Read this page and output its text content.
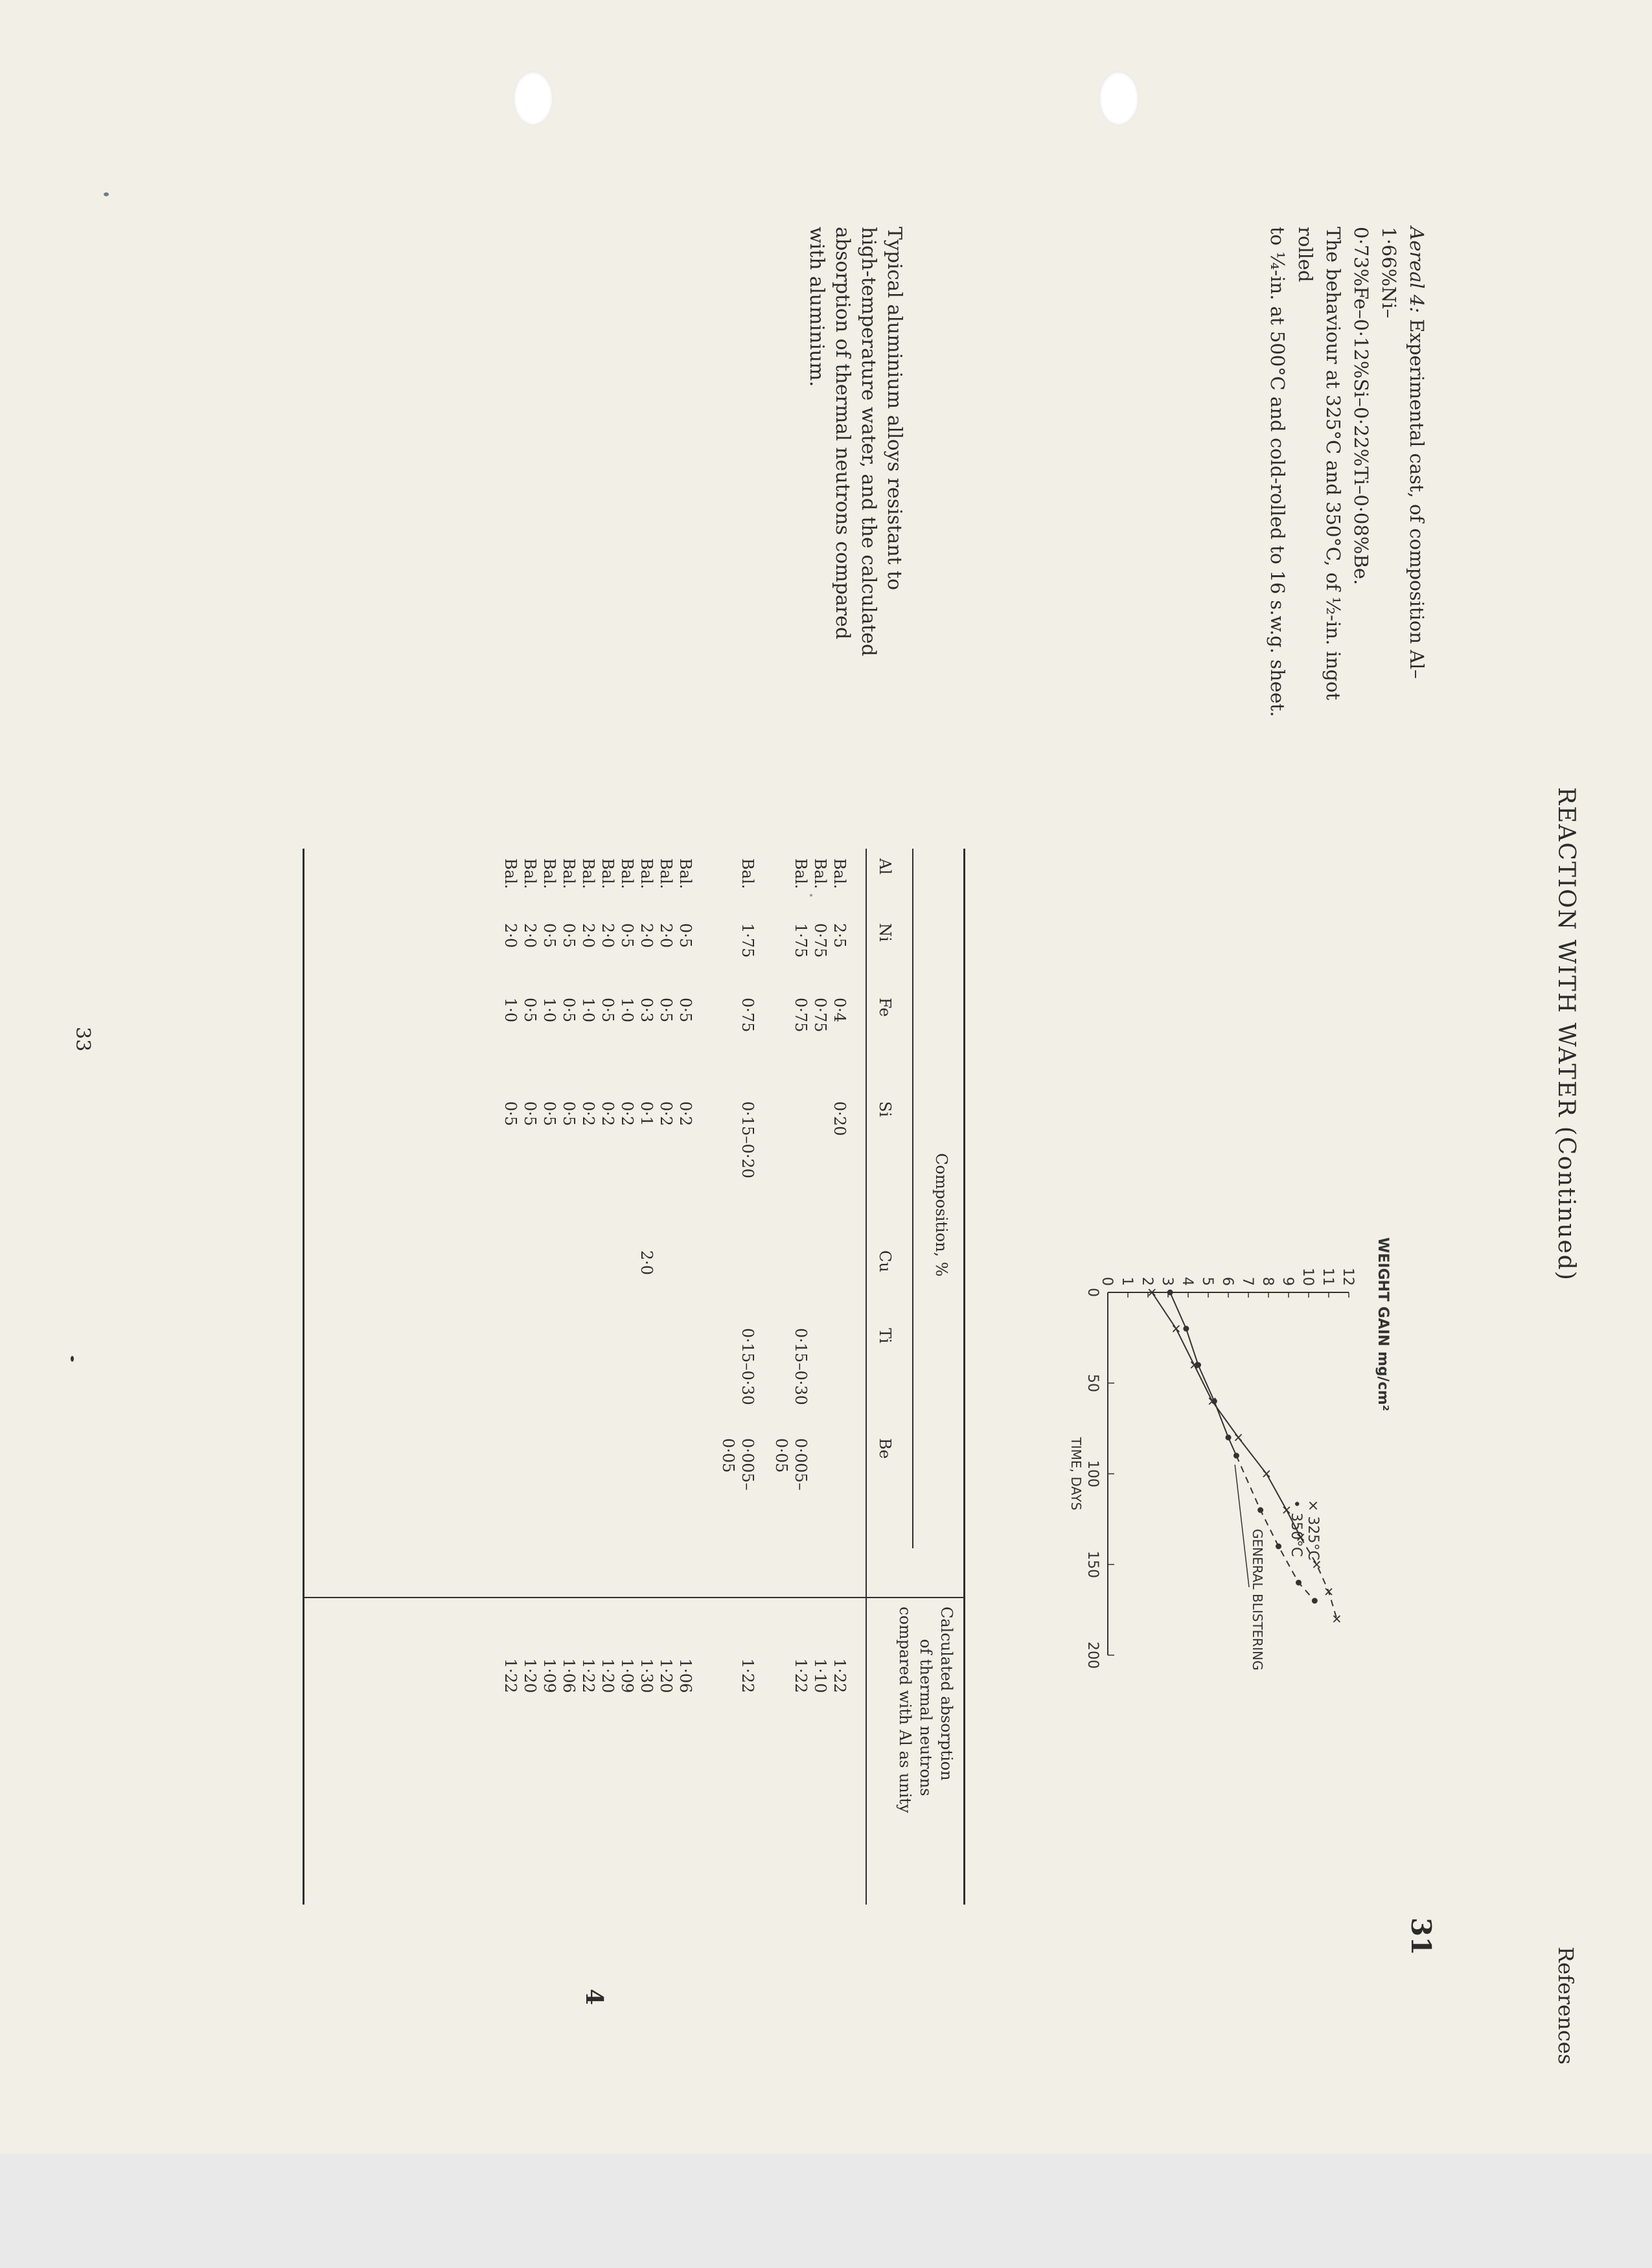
REACTION WITH WATER (Continued)
References
31
Aereal 4: Experimental cast, of composition Al–1·66%Ni–
0·73%Fe–0·12%Si–0·22%Ti–0·08%Be.
The behaviour at 325°C and 350°C, of ½-in. ingot rolled
to ¼-in. at 500°C and cold-rolled to 16 s.w.g. sheet.
0 1 2 3 4 5 6 7 8 9 10 11 12
0
50
100
150
200
WEIGHT GAIN mg/cm²
TIME, DAYS
× 325°C
• 350°C
GENERAL BLISTERING
Typical aluminium alloys resistant to
high-temperature water, and the calculated
absorption of thermal neutrons compared
with aluminium.
Composition, %
Calculated absorption
of thermal neutrons
compared with Al as unity
Al
Ni
Fe
Si
Cu
Ti
Be
Bal.
2·5
0·4
0·20
1·22
Bal.
0·75
0·75
1·10
Bal.
1·75
0·75
0·15–0·30
0·005–
1·22
0·05
Bal.
1·75
0·75
0·15–0·20
0·15–0·30
0·005–
1·22
0·05
Bal.
0·5
0·5
0·2
1·06
Bal.
2·0
0·5
0·2
1·20
Bal.
2·0
0·3
0·1
2·0
1·30
Bal.
0·5
1·0
0·2
1·09
Bal.
2·0
0·5
0·2
1·20
Bal.
2·0
1·0
0·2
1·22
Bal.
0·5
0·5
0·5
1·06
Bal.
0·5
1·0
0·5
1·09
Bal.
2·0
0·5
0·5
1·20
Bal.
2·0
1·0
0·5
1·22
33
4
